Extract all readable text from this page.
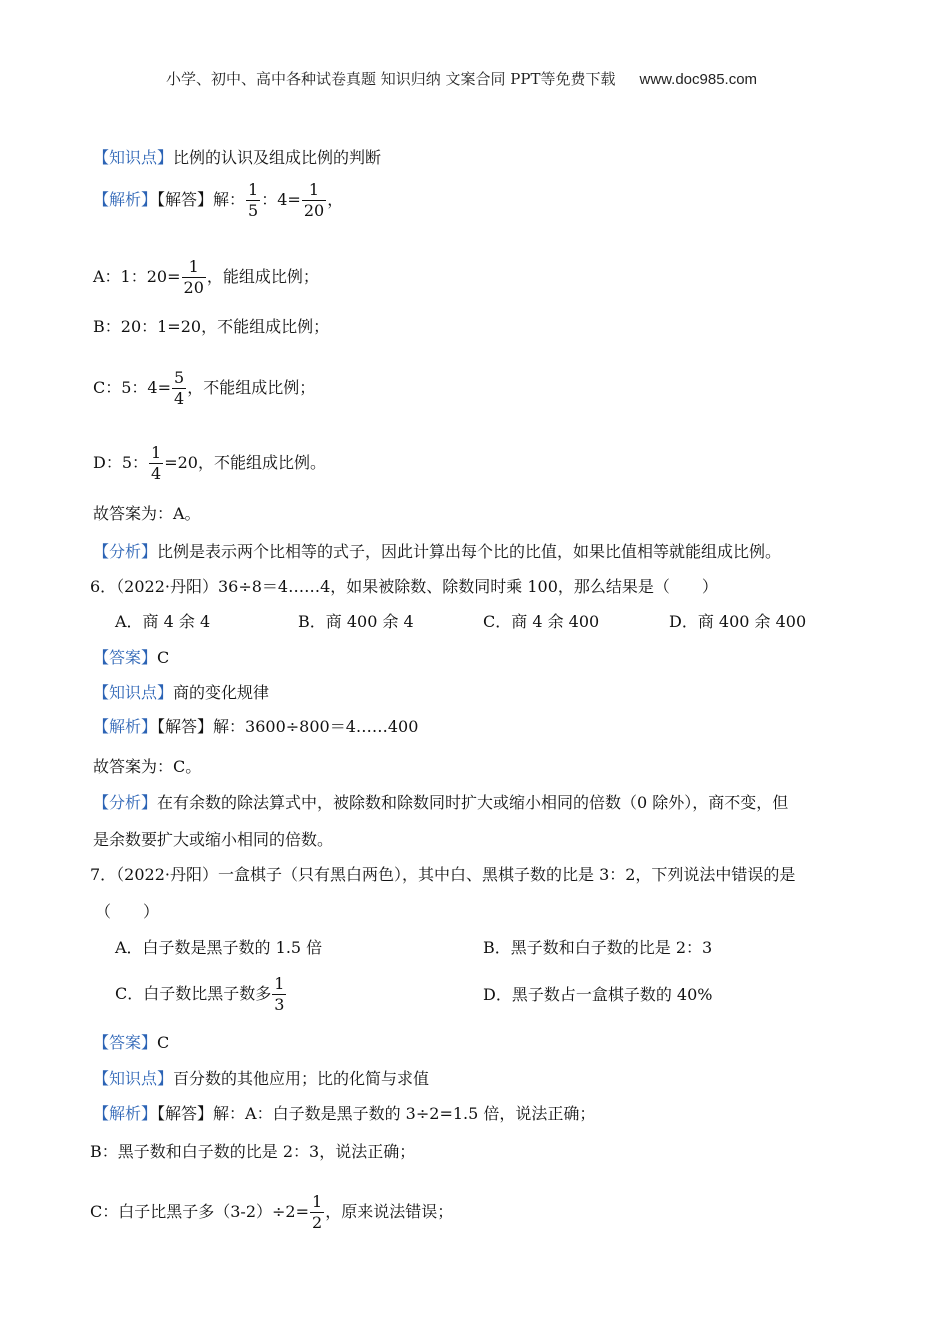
小学、初中、高中各种试卷真题 知识归纳 文案合同 PPT等免费下载 www.doc985.com
【知识点】比例的认识及组成比例的判断
【解析】【解答】解： $\frac{1}{5}$ ：$4= \frac{1}{20}$ ，
A：1：$20= \frac{1}{20}$ ，能组成比例；
B：20：1=20，不能组成比例；
C：5：$4= \frac{5}{4}$ ，不能组成比例；
D：5： $\frac{1}{4} =20$，不能组成比例。
故答案为：A。
【分析】比例是表示两个比相等的式子，因此计算出每个比的比值，如果比值相等就能组成比例。
6．（2022·丹阳）36÷8＝4……4，如果被除数、除数同时乘 100，那么结果是（　　）
A．商 4 余 4	B．商 400 余 4	C．商 4 余 400	D．商 400 余 400
【答案】C
【知识点】商的变化规律
【解析】【解答】解：3600÷800＝4……400
故答案为：C。
【分析】在有余数的除法算式中，被除数和除数同时扩大或缩小相同的倍数（0 除外），商不变，但
是余数要扩大或缩小相同的倍数。
7．（2022·丹阳）一盒棋子（只有黑白两色），其中白、黑棋子数的比是 3：2，下列说法中错误的是
（　　）
A．白子数是黑子数的 1.5 倍	B．黑子数和白子数的比是 2：3
C．白子数比黑子数多 $\frac{1}{3}$	D．黑子数占一盒棋子数的 40%
【答案】C
【知识点】百分数的其他应用；比的化简与求值
【解析】【解答】解：A：白子数是黑子数的 3÷2=1.5 倍，说法正确；
B：黑子数和白子数的比是 2：3，说法正确；
C：白子比黑子多$(3-2)\div 2= \frac{1}{2}$ ，原来说法错误；
